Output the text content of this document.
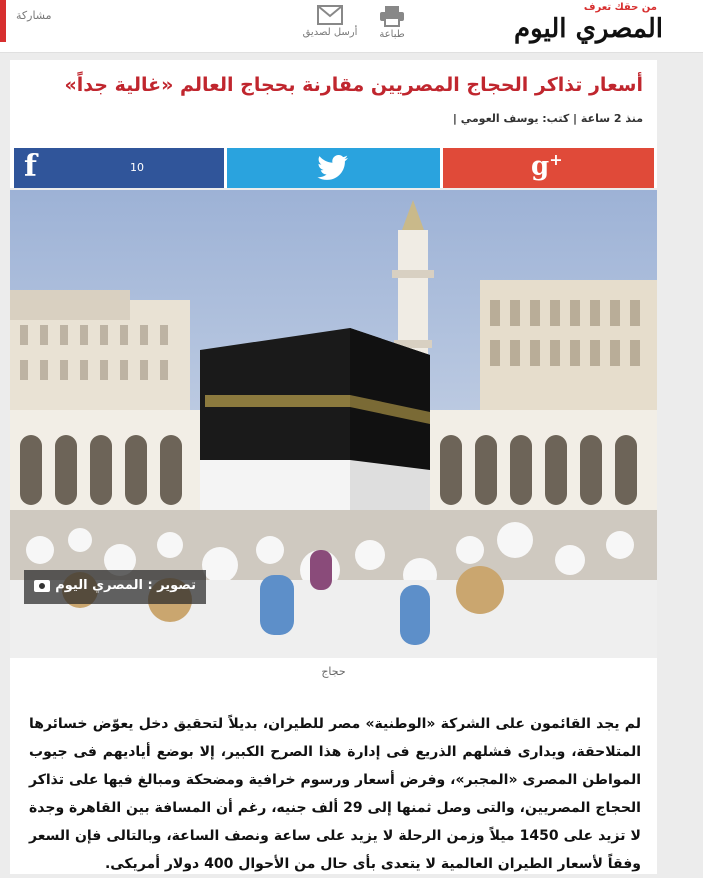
مشاركة
أرسل لصديق	طباعة
من حقك تعرف
المصري اليوم
أسعار تذاكر الحجاج المصريين مقارنة بحجاج العالم «غالية جداً»
منذ 2 ساعة | كتب: يوسف العومي |
f	10	g+
تصوير : المصري اليوم
حجاج

لم يجد القائمون على الشركة «الوطنية» مصر للطيران، بديلاً لتحقيق دخل يعوّض خسائرها المتلاحقة، ويدارى فشلهم الذريع فى إدارة هذا الصرح الكبير، إلا بوضع أياديهم فى جيوب المواطن المصرى «المجبر»، وفرض أسعار ورسوم خرافية ومضحكة ومبالغ فيها على تذاكر الحجاج المصريين، والتى وصل ثمنها إلى 29 ألف جنيه، رغم أن المسافة بين القاهرة وجدة لا تزيد على 1450 ميلاً وزمن الرحلة لا يزيد على ساعة ونصف الساعة، وبالتالى فإن السعر وفقاً لأسعار الطيران العالمية لا يتعدى بأى حال من الأحوال 400 دولار أمريكى.
